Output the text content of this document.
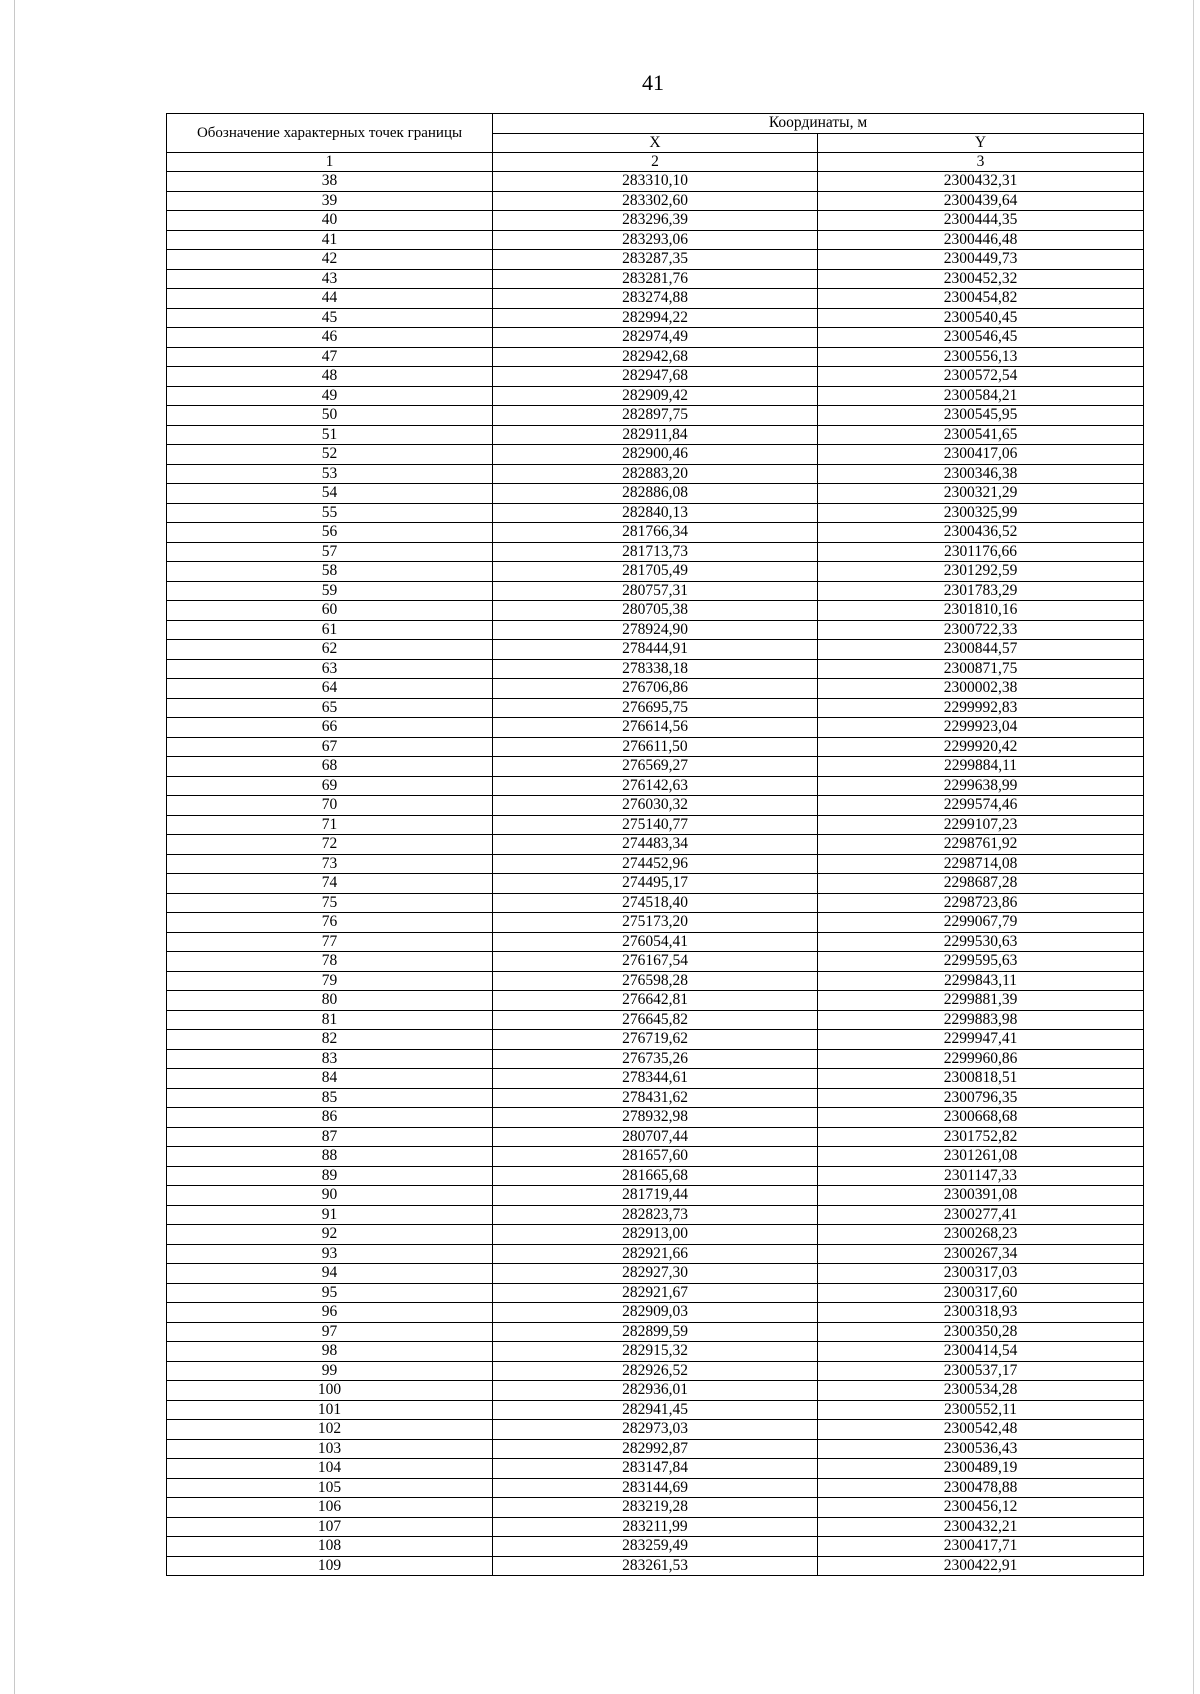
41
Обозначение характерных точек границы	Координаты, м	
	X	Y
1	2	3
38	283310,10	2300432,31
39	283302,60	2300439,64
40	283296,39	2300444,35
41	283293,06	2300446,48
42	283287,35	2300449,73
43	283281,76	2300452,32
44	283274,88	2300454,82
45	282994,22	2300540,45
46	282974,49	2300546,45
47	282942,68	2300556,13
48	282947,68	2300572,54
49	282909,42	2300584,21
50	282897,75	2300545,95
51	282911,84	2300541,65
52	282900,46	2300417,06
53	282883,20	2300346,38
54	282886,08	2300321,29
55	282840,13	2300325,99
56	281766,34	2300436,52
57	281713,73	2301176,66
58	281705,49	2301292,59
59	280757,31	2301783,29
60	280705,38	2301810,16
61	278924,90	2300722,33
62	278444,91	2300844,57
63	278338,18	2300871,75
64	276706,86	2300002,38
65	276695,75	2299992,83
66	276614,56	2299923,04
67	276611,50	2299920,42
68	276569,27	2299884,11
69	276142,63	2299638,99
70	276030,32	2299574,46
71	275140,77	2299107,23
72	274483,34	2298761,92
73	274452,96	2298714,08
74	274495,17	2298687,28
75	274518,40	2298723,86
76	275173,20	2299067,79
77	276054,41	2299530,63
78	276167,54	2299595,63
79	276598,28	2299843,11
80	276642,81	2299881,39
81	276645,82	2299883,98
82	276719,62	2299947,41
83	276735,26	2299960,86
84	278344,61	2300818,51
85	278431,62	2300796,35
86	278932,98	2300668,68
87	280707,44	2301752,82
88	281657,60	2301261,08
89	281665,68	2301147,33
90	281719,44	2300391,08
91	282823,73	2300277,41
92	282913,00	2300268,23
93	282921,66	2300267,34
94	282927,30	2300317,03
95	282921,67	2300317,60
96	282909,03	2300318,93
97	282899,59	2300350,28
98	282915,32	2300414,54
99	282926,52	2300537,17
100	282936,01	2300534,28
101	282941,45	2300552,11
102	282973,03	2300542,48
103	282992,87	2300536,43
104	283147,84	2300489,19
105	283144,69	2300478,88
106	283219,28	2300456,12
107	283211,99	2300432,21
108	283259,49	2300417,71
109	283261,53	2300422,91
